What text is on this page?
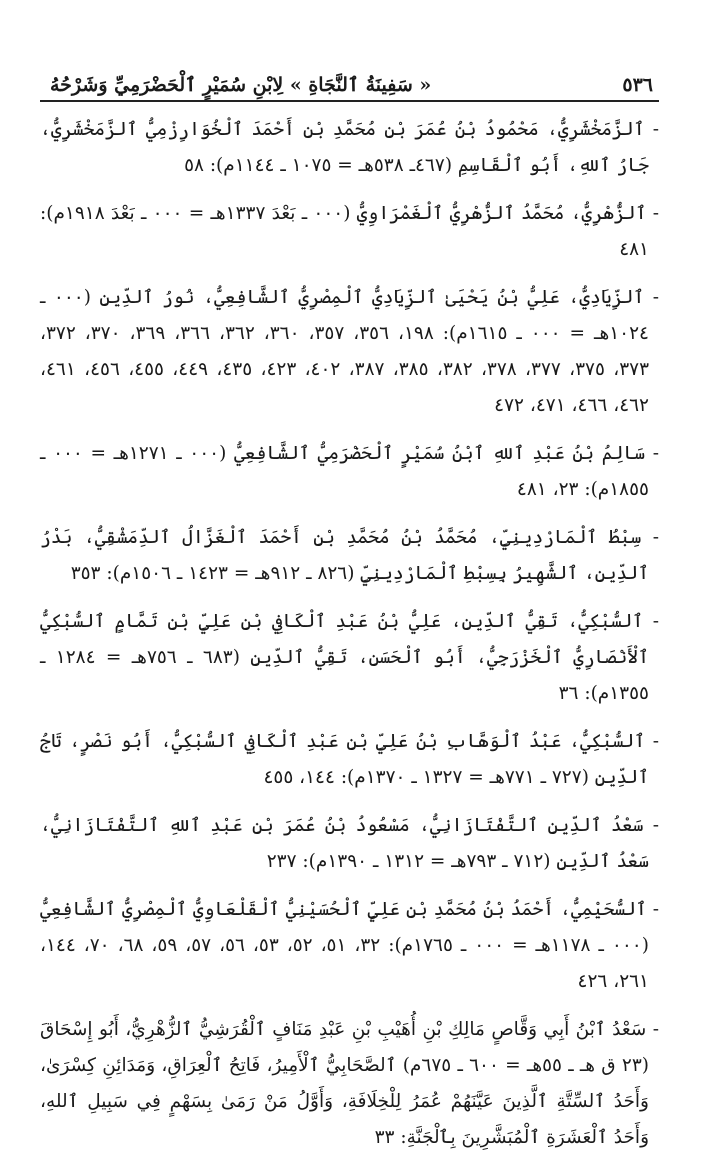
٥٣٦
« سَفِينَةُ ٱلنَّجَاةِ » لِابْنِ سُمَيْرٍ ٱلْحَضْرَمِيِّ وَشَرْحُهُ

- ٱلزَّمَخْشَرِيُّ، مَحْمُودُ بْنُ عُمَرَ بْنِ مُحَمَّدِ بْنِ أَحْمَدَ ٱلْخُوَارِزْمِيُّ ٱلزَّمَخْشَرِيُّ، جَارُ ٱللهِ، أَبُو ٱلْقَاسِمِ (٤٦٧ـ ٥٣٨هـ = ١٠٧٥ ـ ١١٤٤م): ٥٨

- ٱلزُّهْرِيُّ، مُحَمَّدُ ٱلزُّهْرِيُّ ٱلْغَمْرَاوِيُّ (٠٠٠ ـ بَعْدَ ١٣٣٧هـ = ٠٠٠ ـ بَعْدَ ١٩١٨م): ٤٨١

- ٱلزِّيَادِيُّ، عَلِيُّ بْنُ يَحْيَىٰ ٱلزِّيَادِيُّ ٱلْمِصْرِيُّ ٱلشَّافِعِيُّ، نُورُ ٱلدِّينِ (٠٠٠ ـ ١٠٢٤هـ = ٠٠٠ ـ ١٦١٥م): ١٩٨، ٣٥٦، ٣٥٧، ٣٦٠، ٣٦٢، ٣٦٦، ٣٦٩، ٣٧٠، ٣٧٢، ٣٧٣، ٣٧٥، ٣٧٧، ٣٧٨، ٣٨٢، ٣٨٥، ٣٨٧، ٤٠٢، ٤٢٣، ٤٣٥، ٤٤٩، ٤٥٥، ٤٥٦، ٤٦١، ٤٦٢، ٤٦٦، ٤٧١، ٤٧٢

- سَالِمُ بْنُ عَبْدِ ٱللهِ ٱبْنُ سُمَيْرٍ ٱلْحَضْرَمِيُّ ٱلشَّافِعِيُّ (٠٠٠ ـ ١٢٧١هـ = ٠٠٠ ـ ١٨٥٥م): ٢٣، ٤٨١

- سِبْطُ ٱلْمَارْدِينِيِّ، مُحَمَّدُ بْنُ مُحَمَّدِ بْنِ أَحْمَدَ ٱلْغَزَّالُ ٱلدِّمَشْقِيُّ، بَدْرُ ٱلدِّينِ، ٱلشَّهِيرُ بِسِبْطِ ٱلْمَارْدِينِيِّ (٨٢٦ ـ ٩١٢هـ = ١٤٢٣ ـ ١٥٠٦م): ٣٥٣

- ٱلسُّبْكِيُّ، تَقِيُّ ٱلدِّينِ، عَلِيُّ بْنُ عَبْدِ ٱلْكَافِي بْنِ عَلِيِّ بْنِ تَمَّامٍ ٱلسُّبْكِيُّ ٱلْأَنْصَارِيُّ ٱلْخَزْرَجِيُّ، أَبُو ٱلْحَسَنِ، تَقِيُّ ٱلدِّينِ (٦٨٣ ـ ٧٥٦هـ = ١٢٨٤ ـ ١٣٥٥م): ٣٦

- ٱلسُّبْكِيُّ، عَبْدُ ٱلْوَهَّابِ بْنُ عَلِيِّ بْنِ عَبْدِ ٱلْكَافِي ٱلسُّبْكِيُّ، أَبُو نَصْرٍ، تَاجُ ٱلدِّينِ (٧٢٧ ـ ٧٧١هـ = ١٣٢٧ ـ ١٣٧٠م): ١٤٤، ٤٥٥

- سَعْدُ ٱلدِّينِ ٱلتَّفْتَازَانِيُّ، مَسْعُودُ بْنُ عُمَرَ بْنِ عَبْدِ ٱللهِ ٱلتَّفْتَازَانِيُّ، سَعْدُ ٱلدِّينِ (٧١٢ ـ ٧٩٣هـ = ١٣١٢ ـ ١٣٩٠م): ٢٣٧

- ٱلسُّحَيْمِيُّ، أَحْمَدُ بْنُ مُحَمَّدِ بْنِ عَلِيٍّ ٱلْحُسَيْنِيُّ ٱلْقَلْعَاوِيُّ ٱلْمِصْرِيُّ ٱلشَّافِعِيُّ (٠٠٠ ـ ١١٧٨هـ = ٠٠٠ ـ ١٧٦٥م): ٣٢، ٥١، ٥٢، ٥٣، ٥٦، ٥٧، ٥٩، ٦٨، ٧٠، ١٤٤، ٢٦١، ٤٢٦

- سَعْدُ ٱبْنُ أَبِي وَقَّاصٍ مَالِكِ بْنِ أُهَيْبِ بْنِ عَبْدِ مَنَافٍ ٱلْقُرَشِيُّ ٱلزُّهْرِيُّ، أَبُو إِسْحَاقَ (٢٣ ق هـ ـ ٥٥هـ = ٦٠٠ ـ ٦٧٥م) ٱلصَّحَابِيُّ ٱلْأَمِيرُ، فَاتِحُ ٱلْعِرَاقِ، وَمَدَائِنِ كِسْرَىٰ، وَأَحَدُ ٱلسِّتَّةِ ٱلَّذِينَ عَيَّنَهُمْ عُمَرُ لِلْخِلَافَةِ، وَأَوَّلُ مَنْ رَمَىٰ بِسَهْمٍ فِي سَبِيلِ ٱللهِ، وَأَحَدُ ٱلْعَشَرَةِ ٱلْمُبَشَّرِينَ بِٱلْجَنَّةِ: ٣٣
